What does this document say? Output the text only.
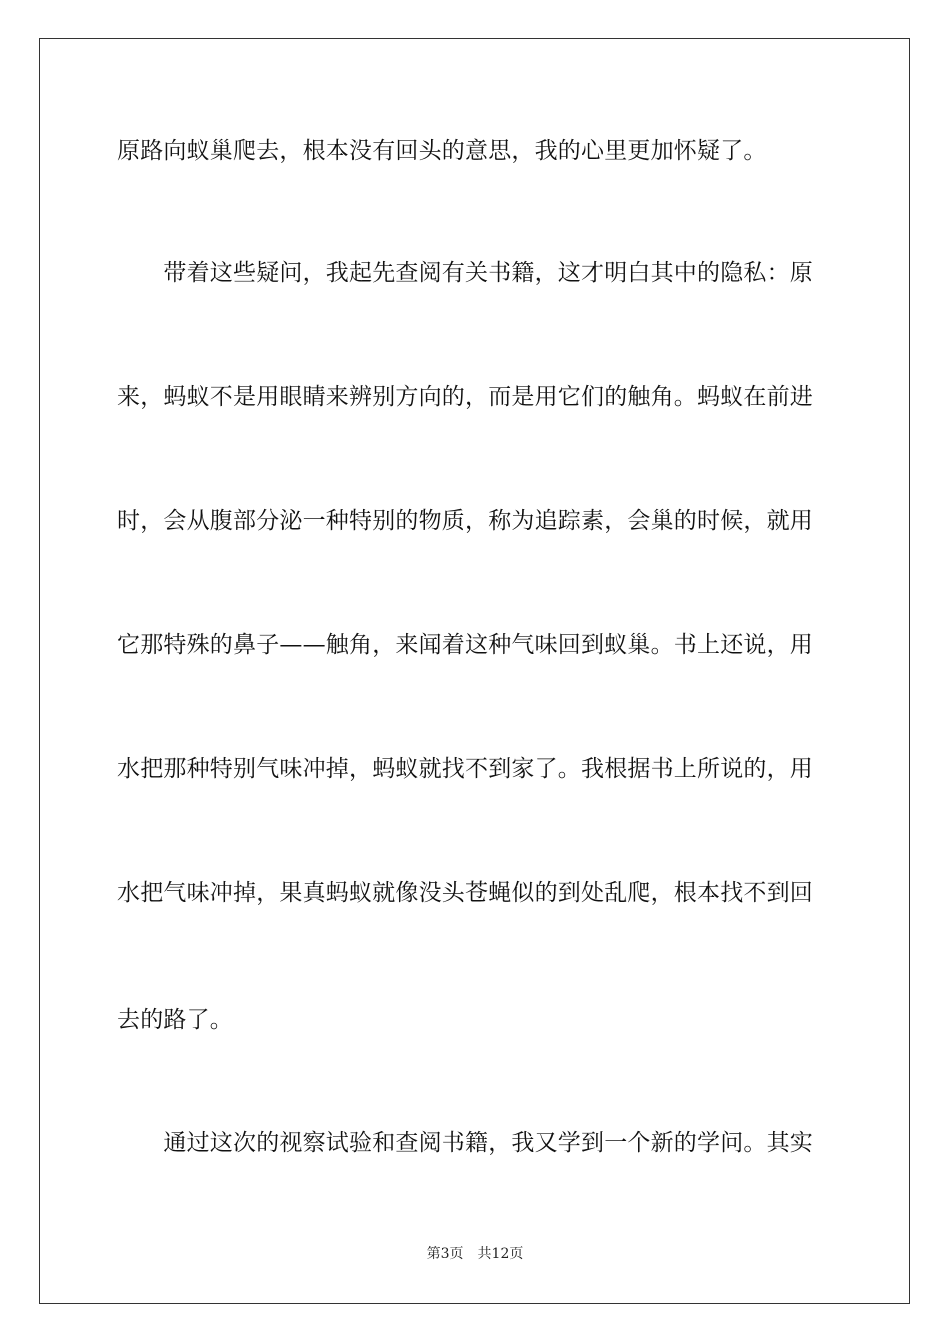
原路向蚁巢爬去，根本没有回头的意思，我的心里更加怀疑了。
　　带着这些疑问，我起先查阅有关书籍，这才明白其中的隐私：原
来，蚂蚁不是用眼睛来辨别方向的，而是用它们的触角。蚂蚁在前进
时，会从腹部分泌一种特别的物质，称为追踪素，会巢的时候，就用
它那特殊的鼻子——触角，来闻着这种气味回到蚁巢。书上还说，用
水把那种特别气味冲掉，蚂蚁就找不到家了。我根据书上所说的，用
水把气味冲掉，果真蚂蚁就像没头苍蝇似的到处乱爬，根本找不到回
去的路了。
　　通过这次的视察试验和查阅书籍，我又学到一个新的学问。其实
第3页 共12页
